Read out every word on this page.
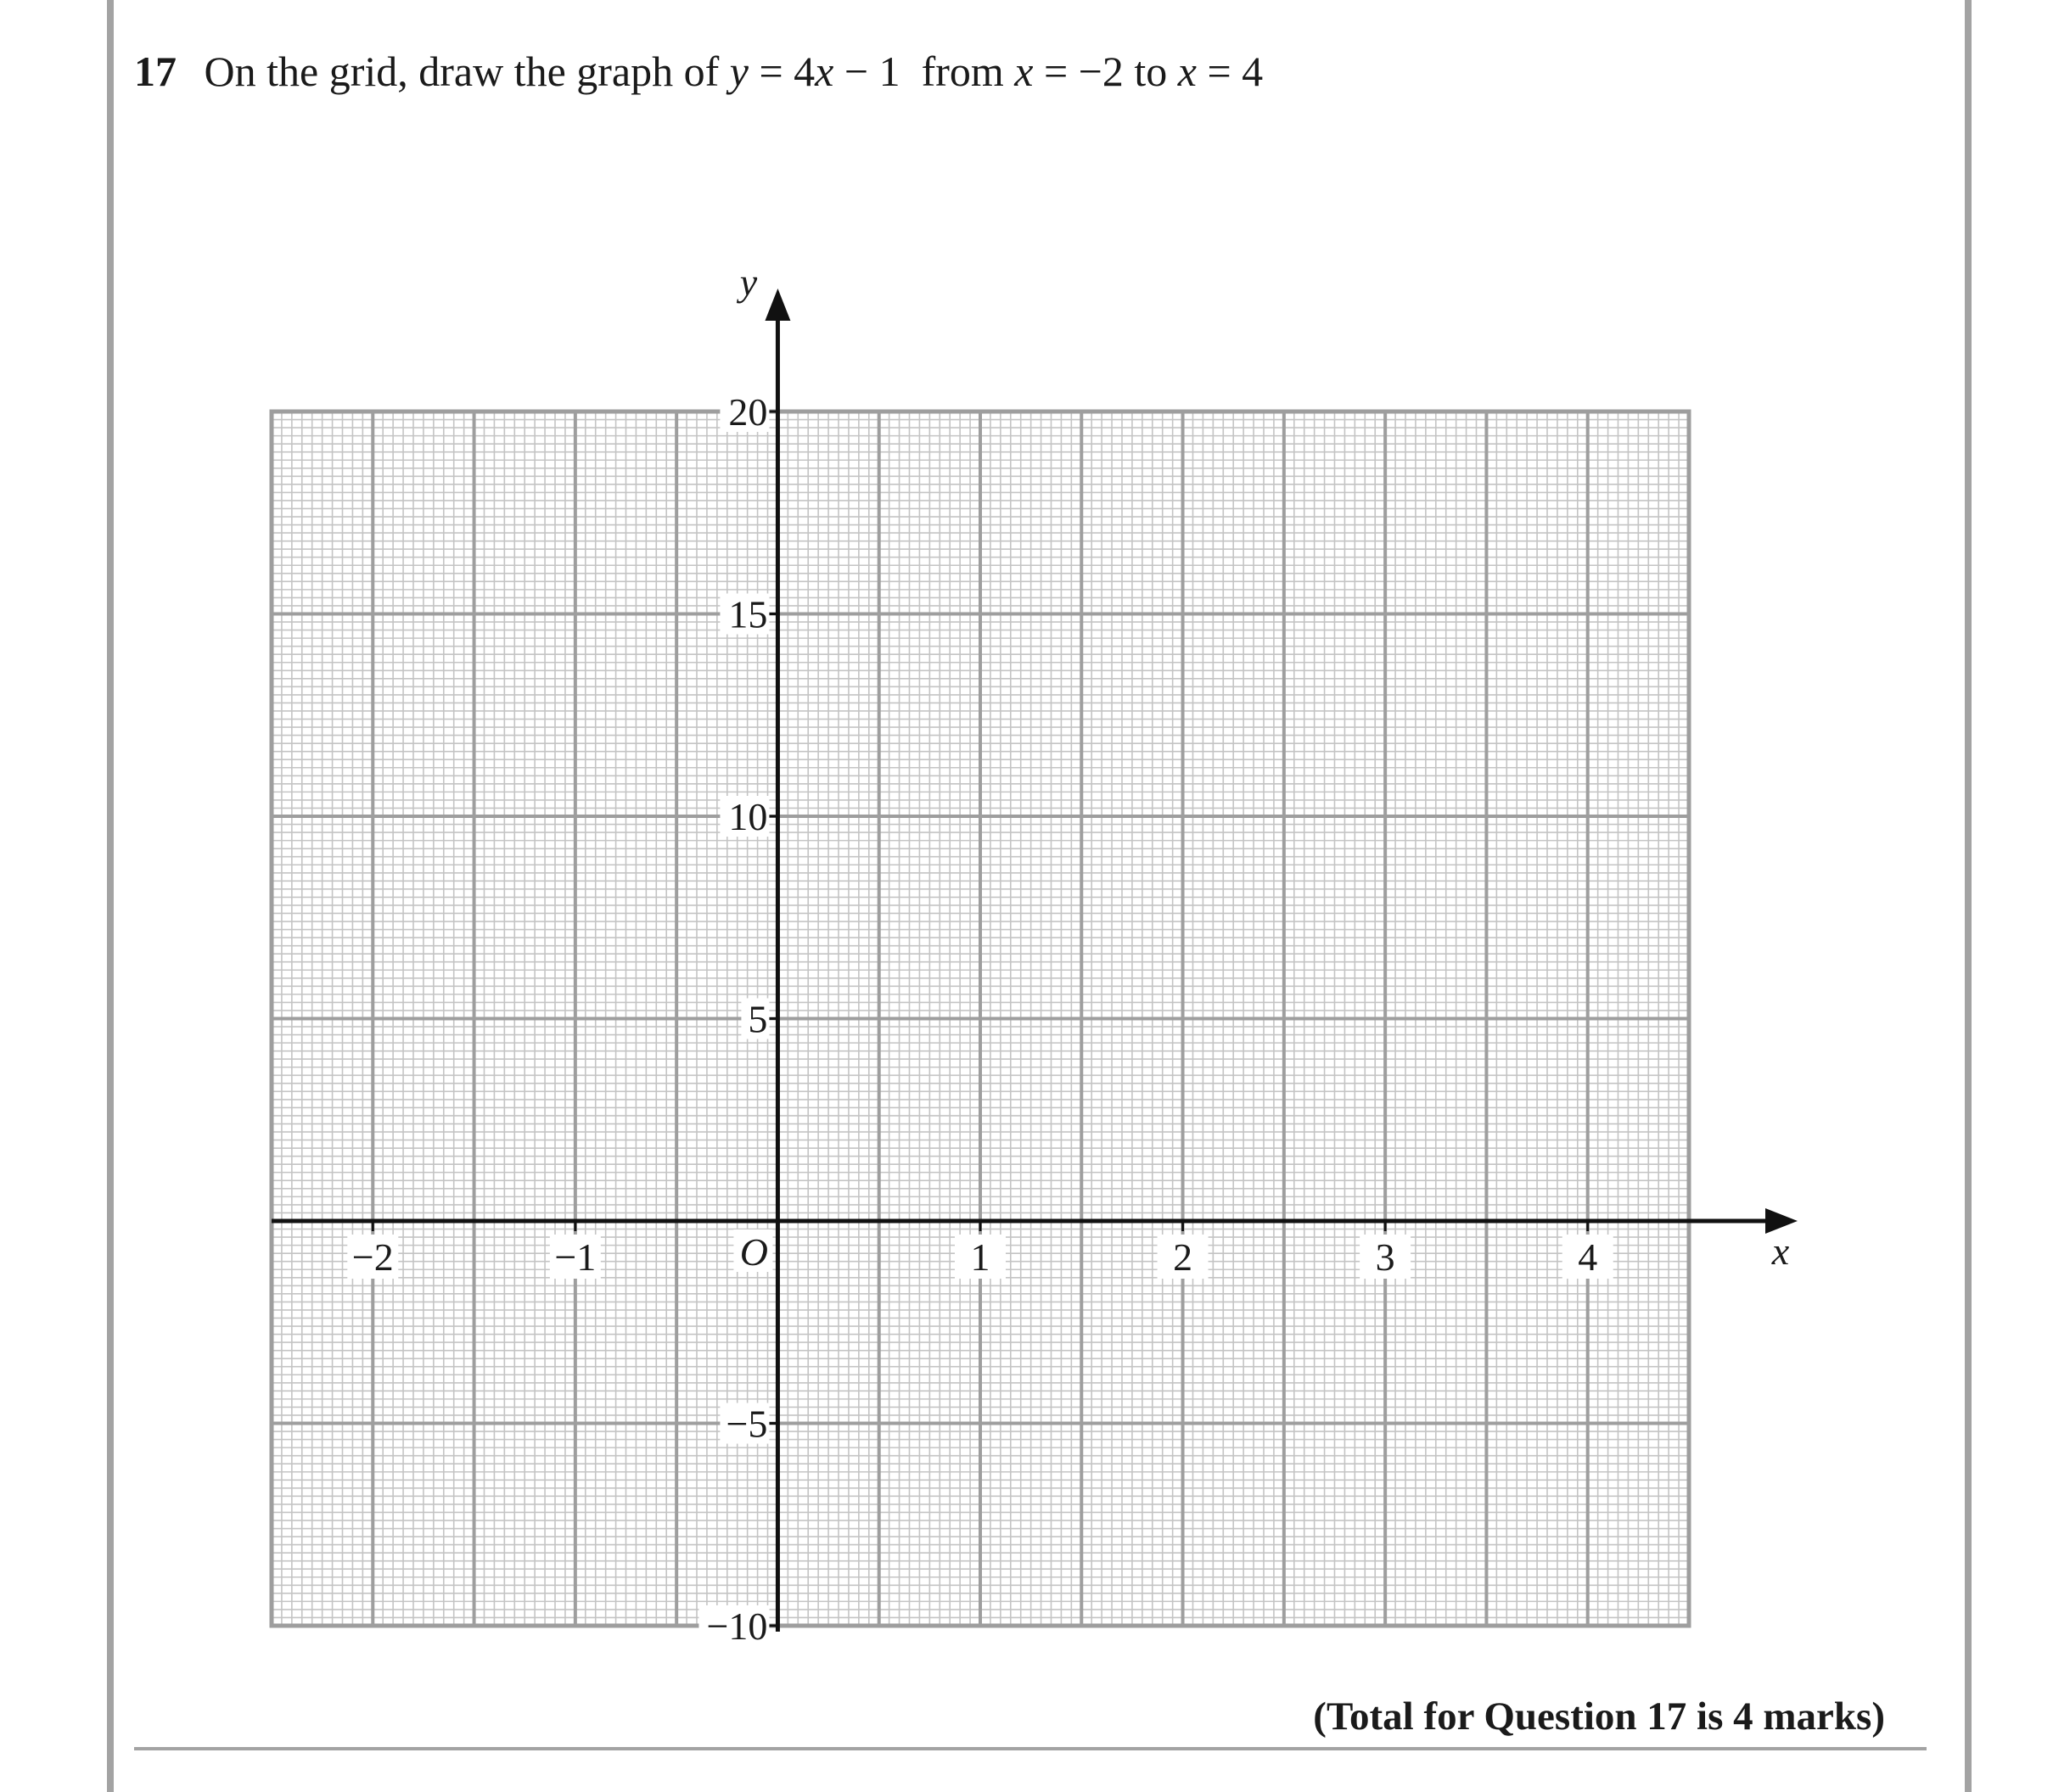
17 On the grid, draw the graph of y = 4x − 1  from x = −2 to x = 4
−2	−1	1	2	3	4
20
15
10
5
−5
−10
O	x
y
(Total for Question 17 is 4 marks)
